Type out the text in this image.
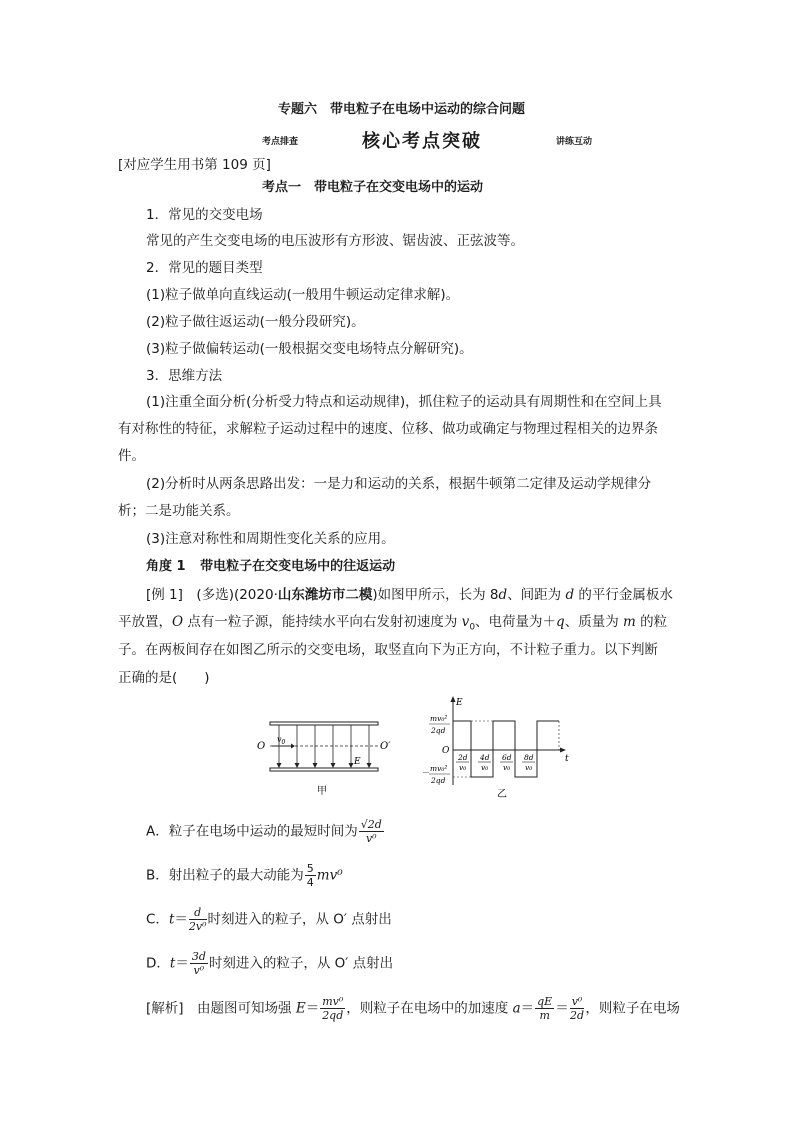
专题六　带电粒子在电场中运动的综合问题
考点排查	核心考点突破	讲练互动
[对应学生用书第 109 页]
考点一　带电粒子在交变电场中的运动
1．常见的交变电场
常见的产生交变电场的电压波形有方形波、锯齿波、正弦波等。
2．常见的题目类型
(1)粒子做单向直线运动(一般用牛顿运动定律求解)。
(2)粒子做往返运动(一般分段研究)。
(3)粒子做偏转运动(一般根据交变电场特点分解研究)。
3．思维方法
(1)注重全面分析(分析受力特点和运动规律)，抓住粒子的运动具有周期性和在空间上具
有对称性的特征，求解粒子运动过程中的速度、位移、做功或确定与物理过程相关的边界条
件。
(2)分析时从两条思路出发：一是力和运动的关系，根据牛顿第二定律及运动学规律分
析；二是功能关系。
(3)注意对称性和周期性变化关系的应用。
角度 1 带电粒子在交变电场中的往返运动
[例 1]　 (多选)(2020·山东潍坊市二模)如图甲所示，长为 8d、间距为 d 的平行金属板水
平放置，O 点有一粒子源，能持续水平向右发射初速度为 $v_0$、电荷量为＋q、质量为 m 的粒
子。在两板间存在如图乙所示的交变电场，取竖直向下为正方向，不计粒子重力。以下判断
正确的是(　　)
O	O′
$v_0$
E
甲
E
t
O
mv₀²
2qd
－ mv₀²
2qd
2d
v₀
4d
v₀
6d
v₀
8d
v₀
乙
A．粒子在电场中运动的最短时间为 $\frac{√2d}{\text{v⁰}}$
B．射出粒子的最大动能为 $\frac{5}{4} mv^0$
C．$t= \frac{d}{\text{2v⁰}}$ 时刻进入的粒子，从 O′ 点射出
D．$t= \frac{3d}{\text{v⁰}}$ 时刻进入的粒子，从 O′ 点射出
[解析]　 由题图可知场强 $E= \frac{\text{mv⁰}}{2qd}$ ，则粒子在电场中的加速度 $a= \frac{qE}{m} = \frac{\text{v⁰}}{2d}$ ，则粒子在电场
